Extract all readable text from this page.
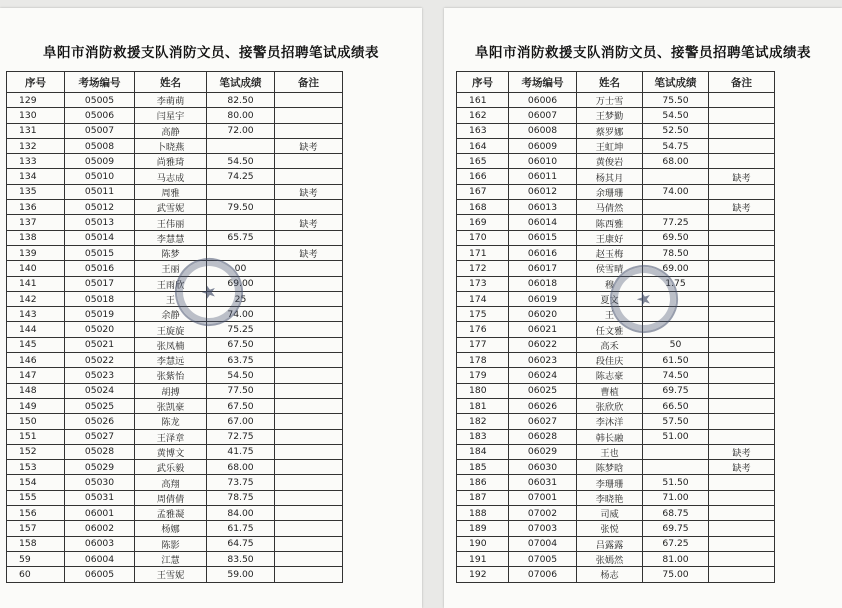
阜阳市消防救援支队消防文员、接警员招聘笔试成绩表
序号	考场编号	姓名	笔试成绩	备注
129	05005	李萌萌	82.50	
130	05006	闫星宇	80.00	
131	05007	高静	72.00	
132	05008	卜晓燕		缺考
133	05009	尚雅琦	54.50	
134	05010	马志成	74.25	
135	05011	周雅		缺考
136	05012	武雪妮	79.50	
137	05013	王伟丽		缺考
138	05014	李慧慧	65.75	
139	05015	陈梦		缺考
140	05016	王丽	00	
141	05017	王雨欣	69.00	
142	05018	王	25	
143	05019	余静	74.00	
144	05020	王旋旋	75.25	
145	05021	张凤楠	67.50	
146	05022	李慧远	63.75	
147	05023	张紫怡	54.50	
148	05024	胡搏	77.50	
149	05025	张凯豪	67.50	
150	05026	陈龙	67.00	
151	05027	王泽章	72.75	
152	05028	黄博文	41.75	
153	05029	武乐毅	68.00	
154	05030	高翔	73.75	
155	05031	周倩倩	78.75	
156	06001	孟雅凝	84.00	
157	06002	杨娜	61.75	
158	06003	陈影	64.75	
59	06004	江慧	83.50	
60	06005	王雪妮	59.00	
★
阜阳市消防救援支队消防文员、接警员招聘笔试成绩表
序号	考场编号	姓名	笔试成绩	备注
161	06006	万士雪	75.50	
162	06007	王梦勤	54.50	
163	06008	蔡罗娜	52.50	
164	06009	王虹坤	54.75	
165	06010	黄俊岩	68.00	
166	06011	杨其月		缺考
167	06012	余珊珊	74.00	
168	06013	马倩然		缺考
169	06014	陈西雅	77.25	
170	06015	王康好	69.50	
171	06016	赵玉梅	78.50	
172	06017	侯雪晴	69.00	
173	06018	穆	1.75	
174	06019	夏文		
175	06020	王		
176	06021	任文雅		
177	06022	高禾	50	
178	06023	段佳庆	61.50	
179	06024	陈志豪	74.50	
180	06025	曹植	69.75	
181	06026	张欣欣	66.50	
182	06027	李沐洋	57.50	
183	06028	韩长融	51.00	
184	06029	王也		缺考
185	06030	陈梦晗		缺考
186	06031	李珊珊	51.50	
187	07001	李晓艳	71.00	
188	07002	司威	68.75	
189	07003	张悦	69.75	
190	07004	吕露露	67.25	
191	07005	张嫣然	81.00	
192	07006	杨志	75.00	
★
